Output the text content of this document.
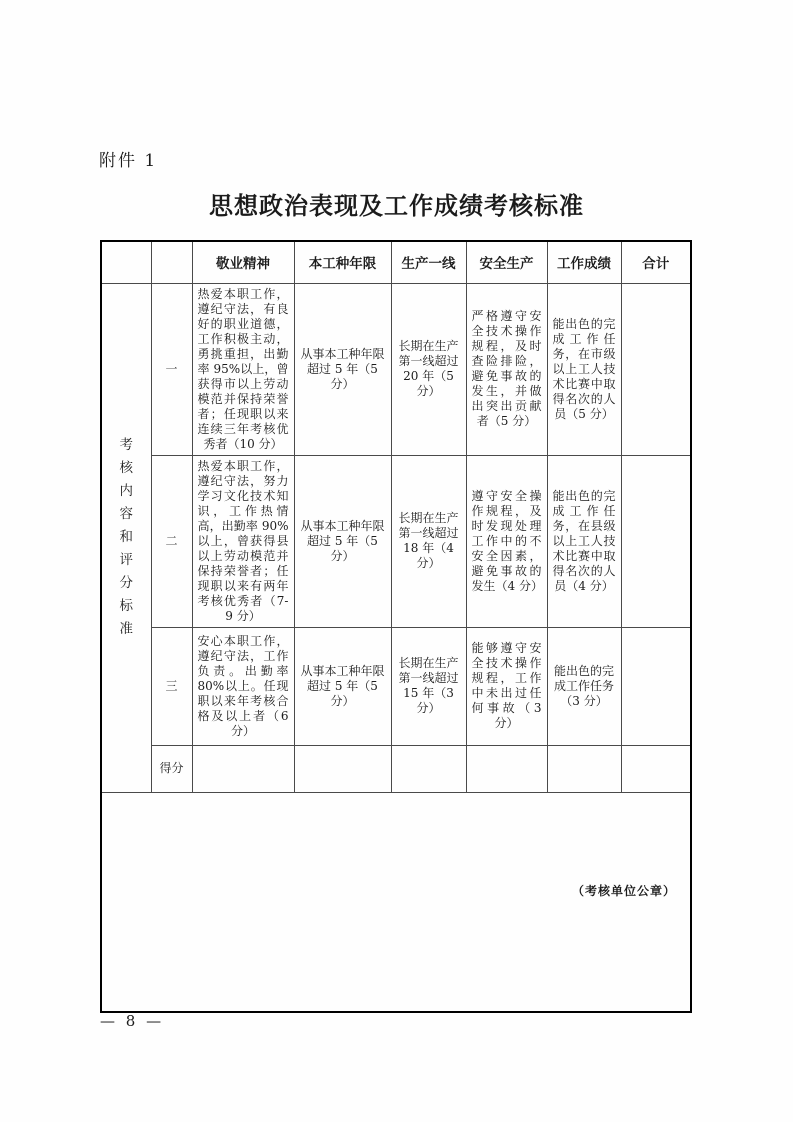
附件 1
思想政治表现及工作成绩考核标准
		敬业精神	本工种年限	生产一线	安全生产	工作成绩	合计

考核内容和评分标准	一	热爱本职工作，遵纪守法，有良好的职业道德，工作积极主动，勇挑重担，出勤率 95%以上，曾获得市以上劳动模范并保持荣誉者；任现职以来连续三年考核优秀者（10 分）	从事本工种年限超过 5 年（5 分）	长期在生产第一线超过 20 年（5 分）	严格遵守安全技术操作规程，及时查险排险，避免事故的发生，并做出突出贡献者（5 分）	能出色的完成工作任务，在市级以上工人技术比赛中取得名次的人员（5 分）	
	二	热爱本职工作，遵纪守法，努力学习文化技术知识，工作热情高，出勤率 90%以上，曾获得县以上劳动模范并保持荣誉者；任现职以来有两年考核优秀者（7-9 分）	从事本工种年限超过 5 年（5 分）	长期在生产第一线超过 18 年（4 分）	遵守安全操作规程，及时发现处理工作中的不安全因素，避免事故的发生（4 分）	能出色的完成工作任务，在县级以上工人技术比赛中取得名次的人员（4 分）	
	三	安心本职工作，遵纪守法，工作负责。出勤率 80%以上。任现职以来年考核合格及以上者（6 分）	从事本工种年限超过 5 年（5 分）	长期在生产第一线超过 15 年（3 分）	能够遵守安全技术操作规程，工作中未出过任何事故（3 分）	能出色的完成工作任务（3 分）	
	得分						
（考核单位公章）							
— 8 —
